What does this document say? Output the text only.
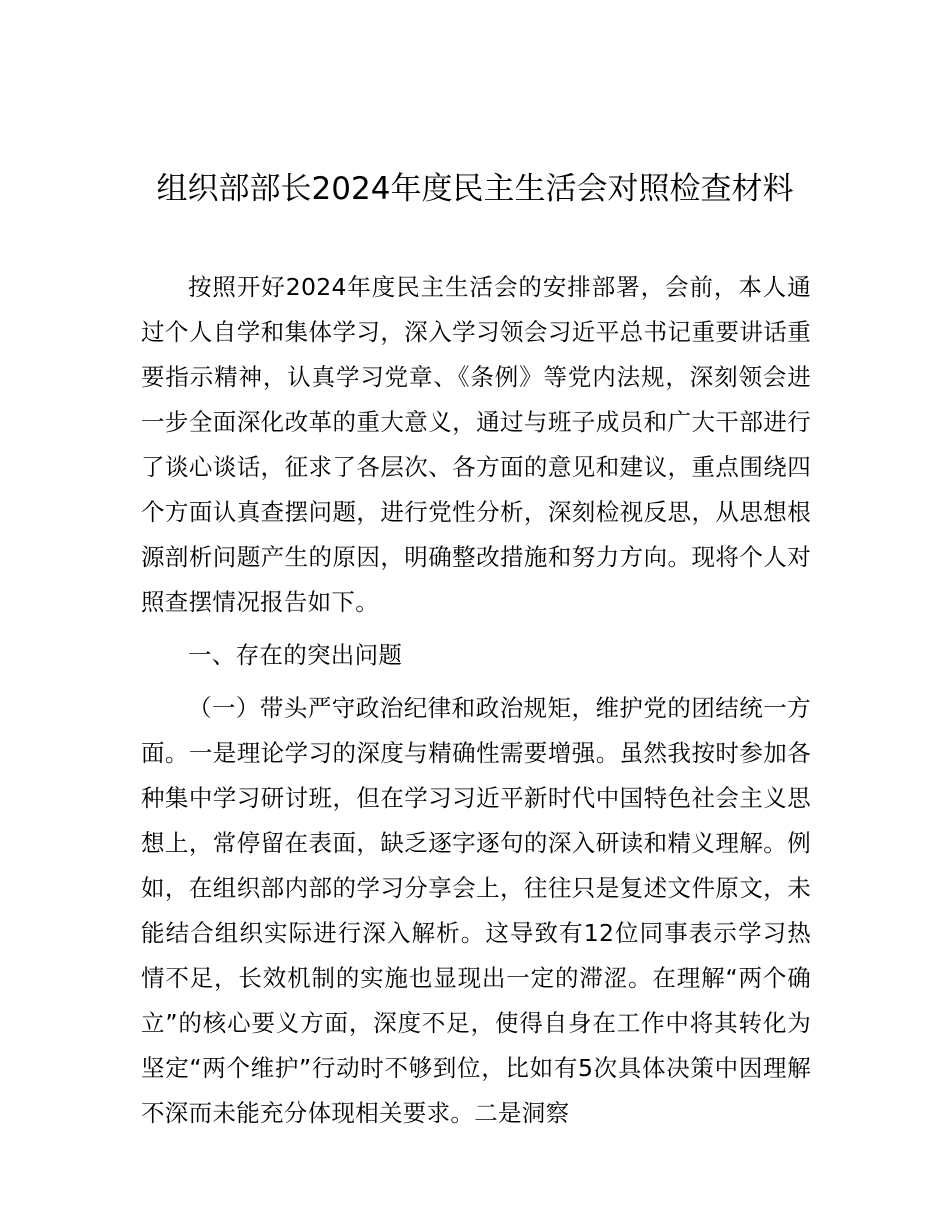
组织部部长2024年度民主生活会对照检查材料

按照开好2024年度民主生活会的安排部署，会前，本人通过个人自学和集体学习，深入学习领会习近平总书记重要讲话重要指示精神，认真学习党章、《条例》等党内法规，深刻领会进一步全面深化改革的重大意义，通过与班子成员和广大干部进行了谈心谈话，征求了各层次、各方面的意见和建议，重点围绕四个方面认真查摆问题，进行党性分析，深刻检视反思，从思想根源剖析问题产生的原因，明确整改措施和努力方向。现将个人对照查摆情况报告如下。

一、存在的突出问题

（一）带头严守政治纪律和政治规矩，维护党的团结统一方面。一是理论学习的深度与精确性需要增强。虽然我按时参加各种集中学习研讨班，但在学习习近平新时代中国特色社会主义思想上，常停留在表面，缺乏逐字逐句的深入研读和精义理解。例如，在组织部内部的学习分享会上，往往只是复述文件原文，未能结合组织实际进行深入解析。这导致有12位同事表示学习热情不足，长效机制的实施也显现出一定的滞涩。在理解“两个确立”的核心要义方面，深度不足，使得自身在工作中将其转化为坚定“两个维护”行动时不够到位，比如有5次具体决策中因理解不深而未能充分体现相关要求。二是洞察
